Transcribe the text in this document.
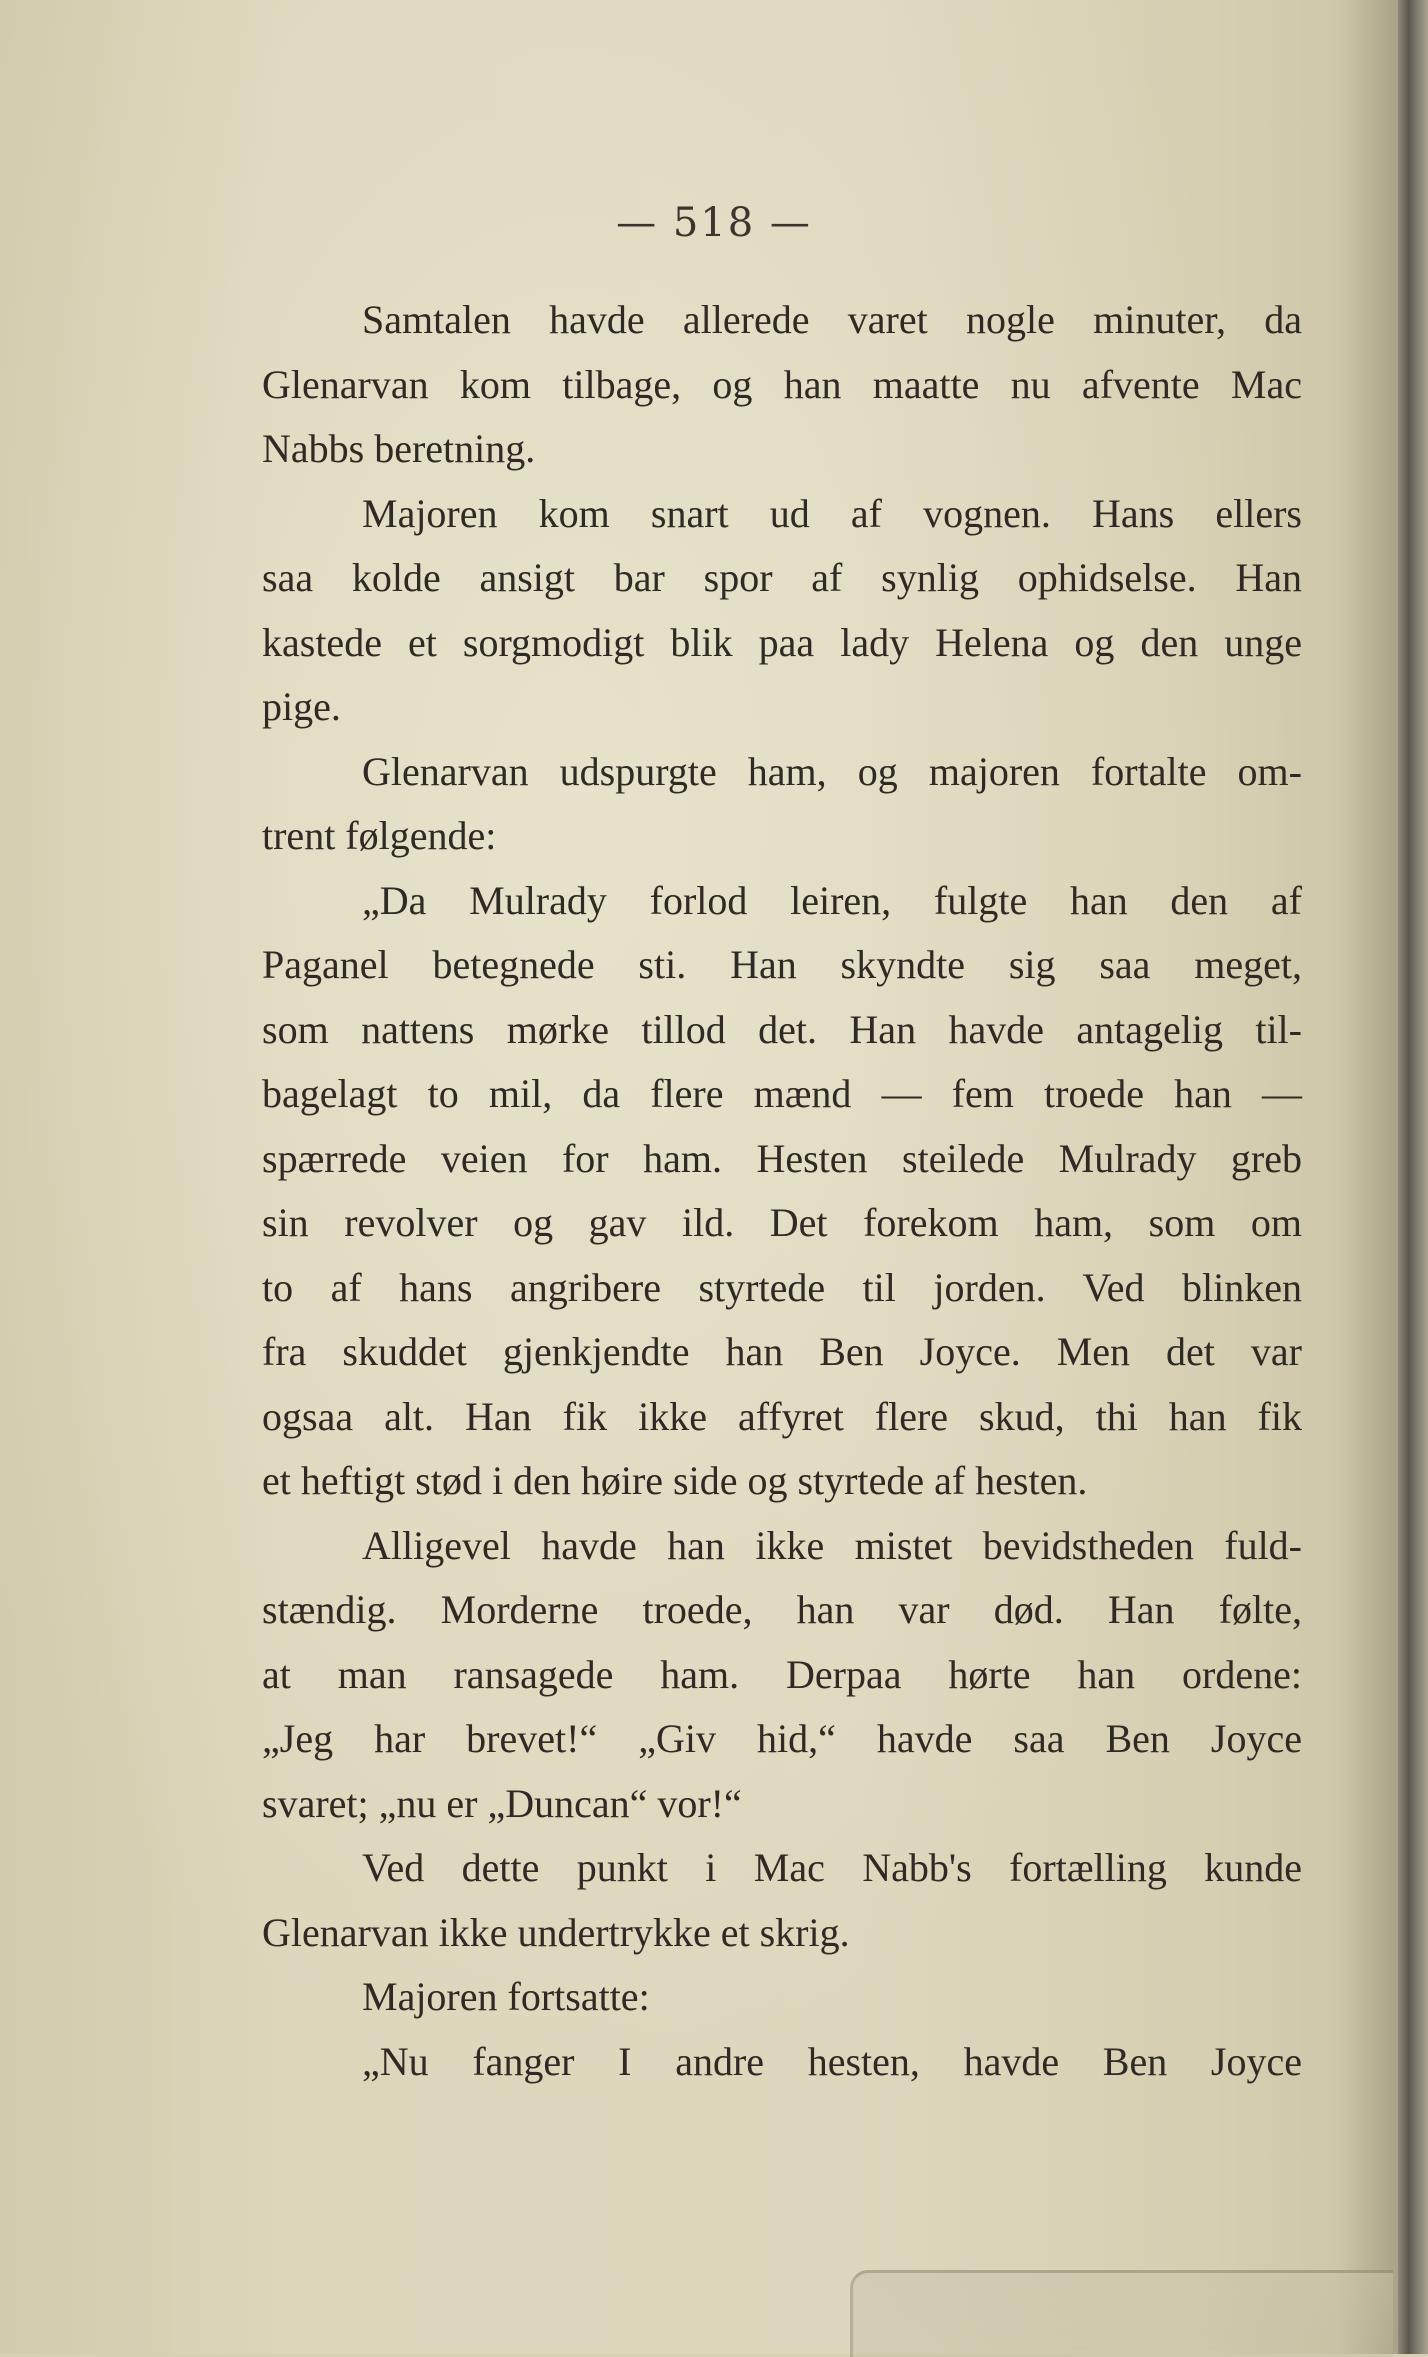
— 518 —
Samtalen havde allerede varet nogle minuter, da
Glenarvan kom tilbage, og han maatte nu afvente Mac
Nabbs beretning.
Majoren kom snart ud af vognen. Hans ellers
saa kolde ansigt bar spor af synlig ophidselse. Han
kastede et sorgmodigt blik paa lady Helena og den unge
pige.
Glenarvan udspurgte ham, og majoren fortalte om-
trent følgende:
„Da Mulrady forlod leiren, fulgte han den af
Paganel betegnede sti. Han skyndte sig saa meget,
som nattens mørke tillod det. Han havde antagelig til-
bagelagt to mil, da flere mænd — fem troede han —
spærrede veien for ham. Hesten steilede Mulrady greb
sin revolver og gav ild. Det forekom ham, som om
to af hans angribere styrtede til jorden. Ved blinken
fra skuddet gjenkjendte han Ben Joyce. Men det var
ogsaa alt. Han fik ikke affyret flere skud, thi han fik
et heftigt stød i den høire side og styrtede af hesten.
Alligevel havde han ikke mistet bevidstheden fuld-
stændig. Morderne troede, han var død. Han følte,
at man ransagede ham. Derpaa hørte han ordene:
„Jeg har brevet!“ „Giv hid,“ havde saa Ben Joyce
svaret; „nu er „Duncan“ vor!“
Ved dette punkt i Mac Nabb's fortælling kunde
Glenarvan ikke undertrykke et skrig.
Majoren fortsatte:
„Nu fanger I andre hesten, havde Ben Joyce
